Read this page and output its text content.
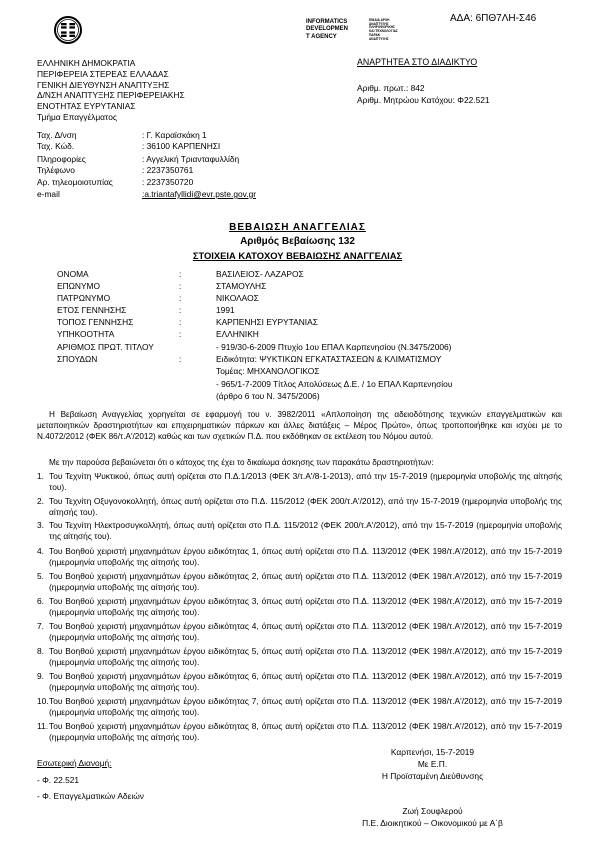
ΑΔΑ: 6ΠΘ7ΛΗ-Σ46
INFORMATICS
DEVELOPMEN
T AGENCY
ΕΝΙΑΙΑ ΑΡΧΗ
ΑΝΑΠΤΥΞΗΣ
ΠΛΗΡΟΦΟΡΙΚΗΣ
ΚΑΙ ΤΕΧΝΟΛΟΓΙΑΣ
ΠΑΡΑΚ
ΑΝΑΠΤΥΞΗΣ
ΕΛΛΗΝΙΚΗ ΔΗΜΟΚΡΑΤΙΑ
ΠΕΡΙΦΕΡΕΙΑ ΣΤΕΡΕΑΣ ΕΛΛΑΔΑΣ
ΓΕΝΙΚΗ ΔΙΕΥΘΥΝΣΗ ΑΝΑΠΤΥΞΗΣ
Δ/ΝΣΗ ΑΝΑΠΤΥΞΗΣ ΠΕΡΙΦΕΡΕΙΑΚΗΣ
ΕΝΟΤΗΤΑΣ ΕΥΡΥΤΑΝΙΑΣ
Τμήμα Επαγγέλματος
ΑΝΑΡΤΗΤΕΑ ΣΤΟ ΔΙΑΔΙΚΤΥΟ
Αριθμ. πρωτ.: 842
Αριθμ. Μητρώου Κατόχου: Φ22.521
Ταχ. Δ/νση	: Γ. Καραϊσκάκη 1
Ταχ. Κώδ.	: 36100 ΚΑΡΠΕΝΗΣΙ
Πληροφορίες	: Αγγελική Τριανταφυλλίδη
Τηλέφωνο	: 2237350761
Αρ. τηλεομοιοτυπίας	: 2237350720
e-mail	:a.triantafyllidi@evr.pste.gov.gr
ΒΕΒΑΙΩΣΗ ΑΝΑΓΓΕΛΙΑΣ
Αριθμός Βεβαίωσης 132
ΣΤΟΙΧΕΙΑ ΚΑΤΟΧΟΥ ΒΕΒΑΙΩΣΗΣ ΑΝΑΓΓΕΛΙΑΣ
ΟΝΟΜΑ	:	ΒΑΣΙΛΕΙΟΣ- ΛΑΖΑΡΟΣ
ΕΠΩΝΥΜΟ	:	ΣΤΑΜΟΥΛΗΣ
ΠΑΤΡΩΝΥΜΟ	:	ΝΙΚΟΛΑΟΣ
ΕΤΟΣ ΓΕΝΝΗΣΗΣ	:	1991
ΤΟΠΟΣ ΓΕΝΝΗΣΗΣ	:	ΚΑΡΠΕΝΗΣΙ ΕΥΡΥΤΑΝΙΑΣ
ΥΠΗΚΟΟΤΗΤΑ	:	ΕΛΛΗΝΙΚΗ
ΑΡΙΘΜΟΣ ΠΡΩΤ. ΤΙΤΛΟΥ	- 919/30-6-2009 Πτυχίο 1ου ΕΠΑΛ Καρπενησίου (Ν.3475/2006)
ΣΠΟΥΔΩΝ	:	Ειδικότητα: ΨΥΚΤΙΚΩΝ ΕΓΚΑΤΑΣΤΑΣΕΩΝ & ΚΛΙΜΑΤΙΣΜΟΥ
Τομέας: ΜΗΧΑΝΟΛΟΓΙΚΟΣ
- 965/1-7-2009 Τίτλος Απολύσεως Δ.Ε. / 1ο ΕΠΑΛ Καρπενησίου
(άρθρο 6 του Ν. 3475/2006)
Η Βεβαίωση Αναγγελίας χορηγείται σε εφαρμογή του ν. 3982/2011 «Απλοποίηση της αδειοδότησης τεχνικών επαγγελματικών και μεταποιητικών δραστηριοτήτων και επιχειρηματικών πάρκων και άλλες διατάξεις – Μέρος Πρώτο», όπως τροποποιήθηκε και ισχύει με το Ν.4072/2012 (ΦΕΚ 86/τ.Α'/2012) καθώς και των σχετικών Π.Δ. που εκδόθηκαν σε εκτέλεση του Νόμου αυτού.
Με την παρούσα βεβαιώνεται ότι ο κάτοχος της έχει το δικαίωμα άσκησης των παρακάτω δραστηριοτήτων:
1. Του Τεχνίτη Ψυκτικού, όπως αυτή ορίζεται στο Π.Δ.1/2013 (ΦΕΚ 3/τ.Α'/8-1-2013), από την 15-7-2019 (ημερομηνία υποβολής της αίτησής του).
2. Του Τεχνίτη Οξυγονοκολλητή, όπως αυτή ορίζεται στο Π.Δ. 115/2012 (ΦΕΚ 200/τ.Α'/2012), από την 15-7-2019 (ημερομηνία υποβολής της αίτησής του).
3. Του Τεχνίτη Ηλεκτροσυγκολλητή, όπως αυτή ορίζεται στο Π.Δ. 115/2012 (ΦΕΚ 200/τ.Α'/2012), από την 15-7-2019 (ημερομηνία υποβολής της αίτησής του).
4. Του Βοηθού χειριστή μηχανημάτων έργου ειδικότητας 1, όπως αυτή ορίζεται στο Π.Δ. 113/2012 (ΦΕΚ 198/τ.Α'/2012), από την 15-7-2019 (ημερομηνία υποβολής της αίτησής του).
5. Του Βοηθού χειριστή μηχανημάτων έργου ειδικότητας 2, όπως αυτή ορίζεται στο Π.Δ. 113/2012 (ΦΕΚ 198/τ.Α'/2012), από την 15-7-2019 (ημερομηνία υποβολής της αίτησής του).
6. Του Βοηθού χειριστή μηχανημάτων έργου ειδικότητας 3, όπως αυτή ορίζεται στο Π.Δ. 113/2012 (ΦΕΚ 198/τ.Α'/2012), από την 15-7-2019 (ημερομηνία υποβολής της αίτησής του).
7. Του Βοηθού χειριστή μηχανημάτων έργου ειδικότητας 4, όπως αυτή ορίζεται στο Π.Δ. 113/2012 (ΦΕΚ 198/τ.Α'/2012), από την 15-7-2019 (ημερομηνία υποβολής της αίτησής του).
8. Του Βοηθού χειριστή μηχανημάτων έργου ειδικότητας 5, όπως αυτή ορίζεται στο Π.Δ. 113/2012 (ΦΕΚ 198/τ.Α'/2012), από την 15-7-2019 (ημερομηνία υποβολής της αίτησής του).
9. Του Βοηθού χειριστή μηχανημάτων έργου ειδικότητας 6, όπως αυτή ορίζεται στο Π.Δ. 113/2012 (ΦΕΚ 198/τ.Α'/2012), από την 15-7-2019 (ημερομηνία υποβολής της αίτησής του).
10. Του Βοηθού χειριστή μηχανημάτων έργου ειδικότητας 7, όπως αυτή ορίζεται στο Π.Δ. 113/2012 (ΦΕΚ 198/τ.Α'/2012), από την 15-7-2019 (ημερομηνία υποβολής της αίτησής του).
11. Του Βοηθού χειριστή μηχανημάτων έργου ειδικότητας 8, όπως αυτή ορίζεται στο Π.Δ. 113/2012 (ΦΕΚ 198/τ.Α'/2012), από την 15-7-2019 (ημερομηνία υποβολής της αίτησής του).
Καρπενήσι, 15-7-2019
Με Ε.Π.
Η Προϊσταμένη Διεύθυνσης
Ζωή Σουφλερού
Π.Ε. Διοικητικού – Οικονομικού με Α΄β
Εσωτερική Διανομή:
- Φ. 22.521
- Φ. Επαγγελματικών Αδειών
